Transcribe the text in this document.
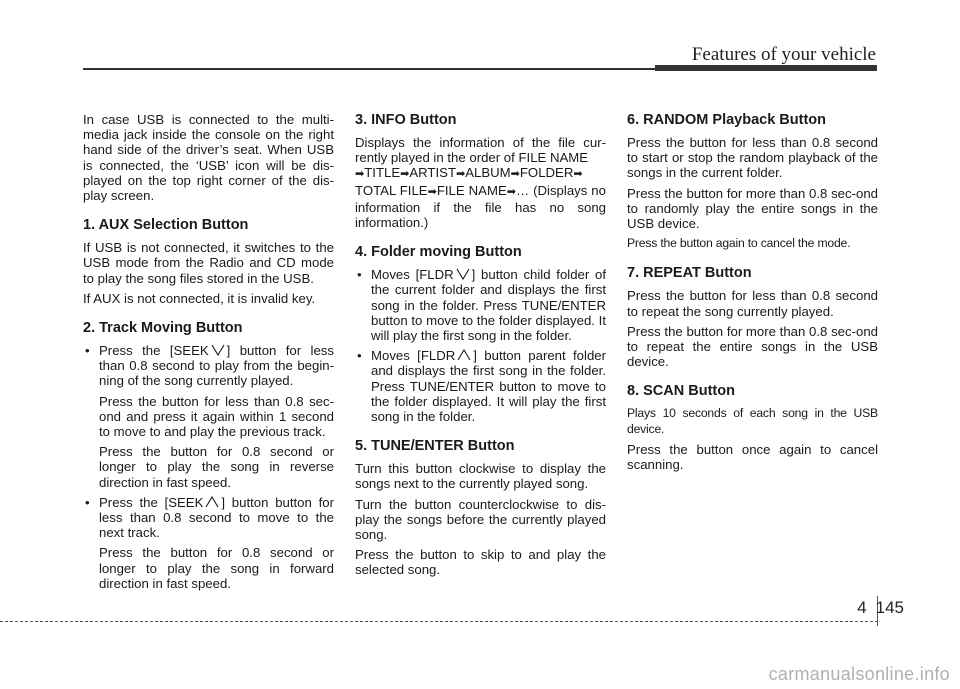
Features of your vehicle

In case USB is connected to the multi-media jack inside the console on the right hand side of the driver’s seat. When USB is connected, the ‘USB’ icon will be dis-played on the top right corner of the dis-play screen.

1. AUX Selection Button

If USB is not connected, it switches to the USB mode from the Radio and CD mode to play the song files stored in the USB.

If AUX is not connected, it is invalid key.

2. Track Moving Button
• Press the [SEEK ] button for less than 0.8 second to play from the begin-ning of the song currently played.

Press the button for less than 0.8 sec-ond and press it again within 1 second to move to and play the previous track.

Press the button for 0.8 second or longer to play the song in reverse direction in fast speed.

• Press the [SEEK ] button button for less than 0.8 second to move to the next track.

Press the button for 0.8 second or longer to play the song in forward direction in fast speed.

3. INFO Button

Displays the information of the file cur-rently played in the order of FILE NAME
➡TITLE➡ARTIST➡ALBUM➡FOLDER➡
TOTAL FILE➡FILE NAME➡… (Displays no information if the file has no song information.)

4. Folder moving Button
• Moves [FLDR ] button child folder of the current folder and displays the first song in the folder. Press TUNE/ENTER button to move to the folder displayed. It will play the first song in the folder.
• Moves [FLDR ] button parent folder and displays the first song in the folder. Press TUNE/ENTER button to move to the folder displayed. It will play the first song in the folder.
5. TUNE/ENTER Button

Turn this button clockwise to display the songs next to the currently played song.

Turn the button counterclockwise to dis-play the songs before the currently played song.

Press the button to skip to and play the selected song.

6. RANDOM Playback Button

Press the button for less than 0.8 second to start or stop the random playback of the songs in the current folder.

Press the button for more than 0.8 sec-ond to randomly play the entire songs in the USB device.

Press the button again to cancel the mode.

7. REPEAT Button

Press the button for less than 0.8 second to repeat the song currently played.

Press the button for more than 0.8 sec-ond to repeat the entire songs in the USB device.

8. SCAN Button

Plays 10 seconds of each song in the USB device.

Press the button once again to cancel scanning.

4 145
carmanualsonline.info
